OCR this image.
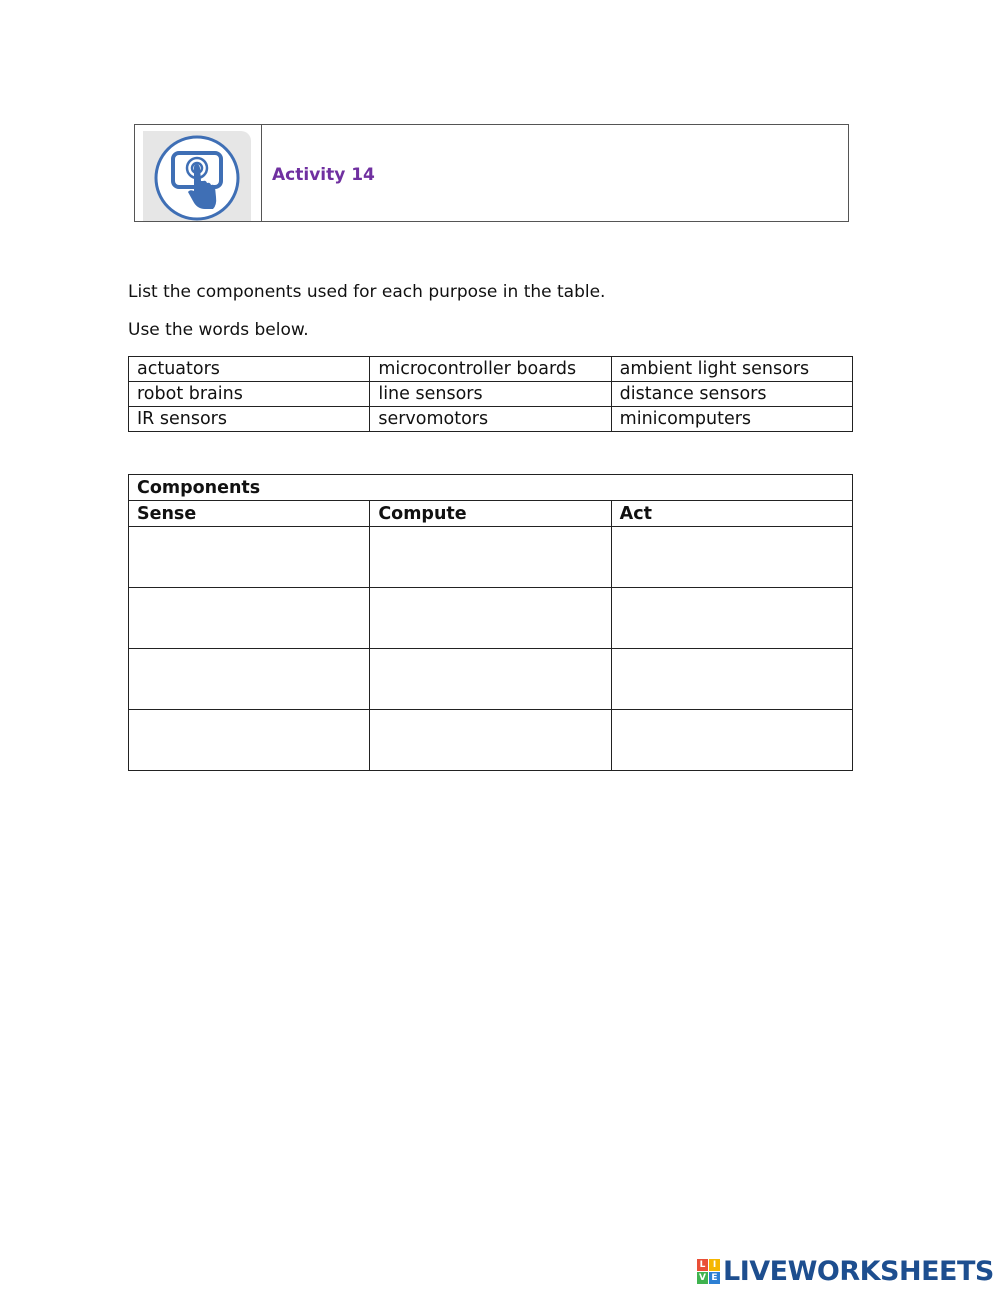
Activity 14
List the components used for each purpose in the table.
Use the words below.
actuators	microcontroller boards	ambient light sensors
robot brains	line sensors	distance sensors
IR sensors	servomotors	minicomputers
Components		
Sense	Compute	Act

L I
V E LIVEWORKSHEETS
